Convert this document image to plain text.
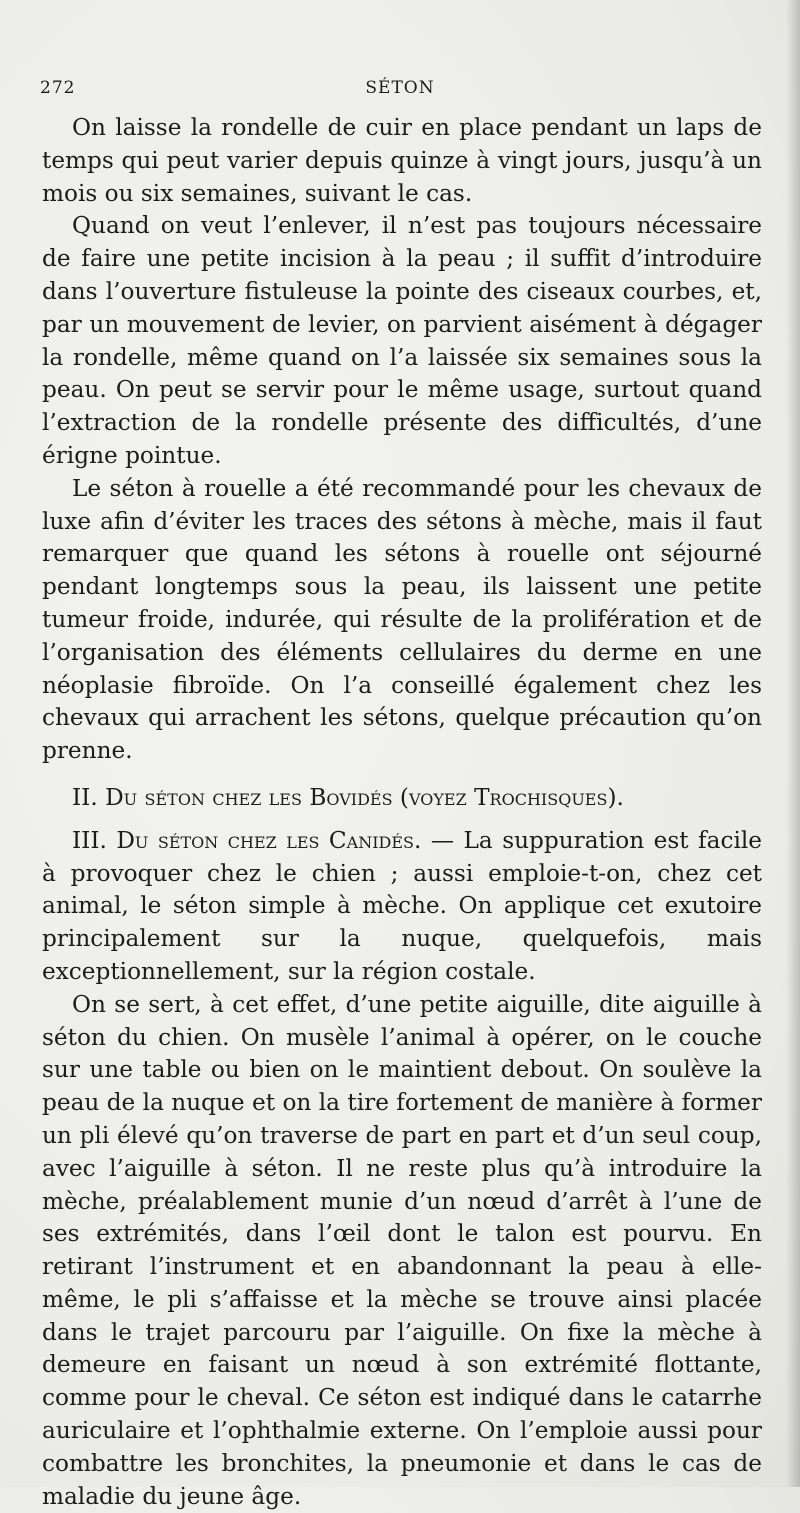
272	SÉTON

On laisse la rondelle de cuir en place pendant un laps de temps qui peut varier depuis quinze à vingt jours, jusqu’à un mois ou six semaines, suivant le cas.

Quand on veut l’enlever, il n’est pas toujours nécessaire de faire une petite incision à la peau ; il suffit d’introduire dans l’ouverture fistuleuse la pointe des ciseaux courbes, et, par un mouvement de levier, on parvient aisément à dégager la rondelle, même quand on l’a laissée six semaines sous la peau. On peut se servir pour le même usage, surtout quand l’extraction de la rondelle présente des difficultés, d’une érigne pointue.

Le séton à rouelle a été recommandé pour les chevaux de luxe afin d’éviter les traces des sétons à mèche, mais il faut remarquer que quand les sétons à rouelle ont séjourné pendant longtemps sous la peau, ils laissent une petite tumeur froide, indurée, qui résulte de la prolifération et de l’organisation des éléments cellulaires du derme en une néoplasie fibroïde. On l’a conseillé également chez les chevaux qui arrachent les sétons, quelque précaution qu’on prenne.

II. Du séton chez les Bovidés (voyez Trochisques).

III. Du séton chez les Canidés. — La suppuration est facile à provoquer chez le chien ; aussi emploie-t-on, chez cet animal, le séton simple à mèche. On applique cet exutoire principalement sur la nuque, quelquefois, mais exceptionnellement, sur la région costale.

On se sert, à cet effet, d’une petite aiguille, dite aiguille à séton du chien. On musèle l’animal à opérer, on le couche sur une table ou bien on le maintient debout. On soulève la peau de la nuque et on la tire fortement de manière à former un pli élevé qu’on traverse de part en part et d’un seul coup, avec l’aiguille à séton. Il ne reste plus qu’à introduire la mèche, préalablement munie d’un nœud d’arrêt à l’une de ses extrémités, dans l’œil dont le talon est pourvu. En retirant l’instrument et en abandonnant la peau à elle-même, le pli s’affaisse et la mèche se trouve ainsi placée dans le trajet parcouru par l’aiguille. On fixe la mèche à demeure en faisant un nœud à son extrémité flottante, comme pour le cheval. Ce séton est indiqué dans le catarrhe auriculaire et l’ophthalmie externe. On l’emploie aussi pour combattre les bronchites, la pneumonie et dans le cas de maladie du jeune âge.
